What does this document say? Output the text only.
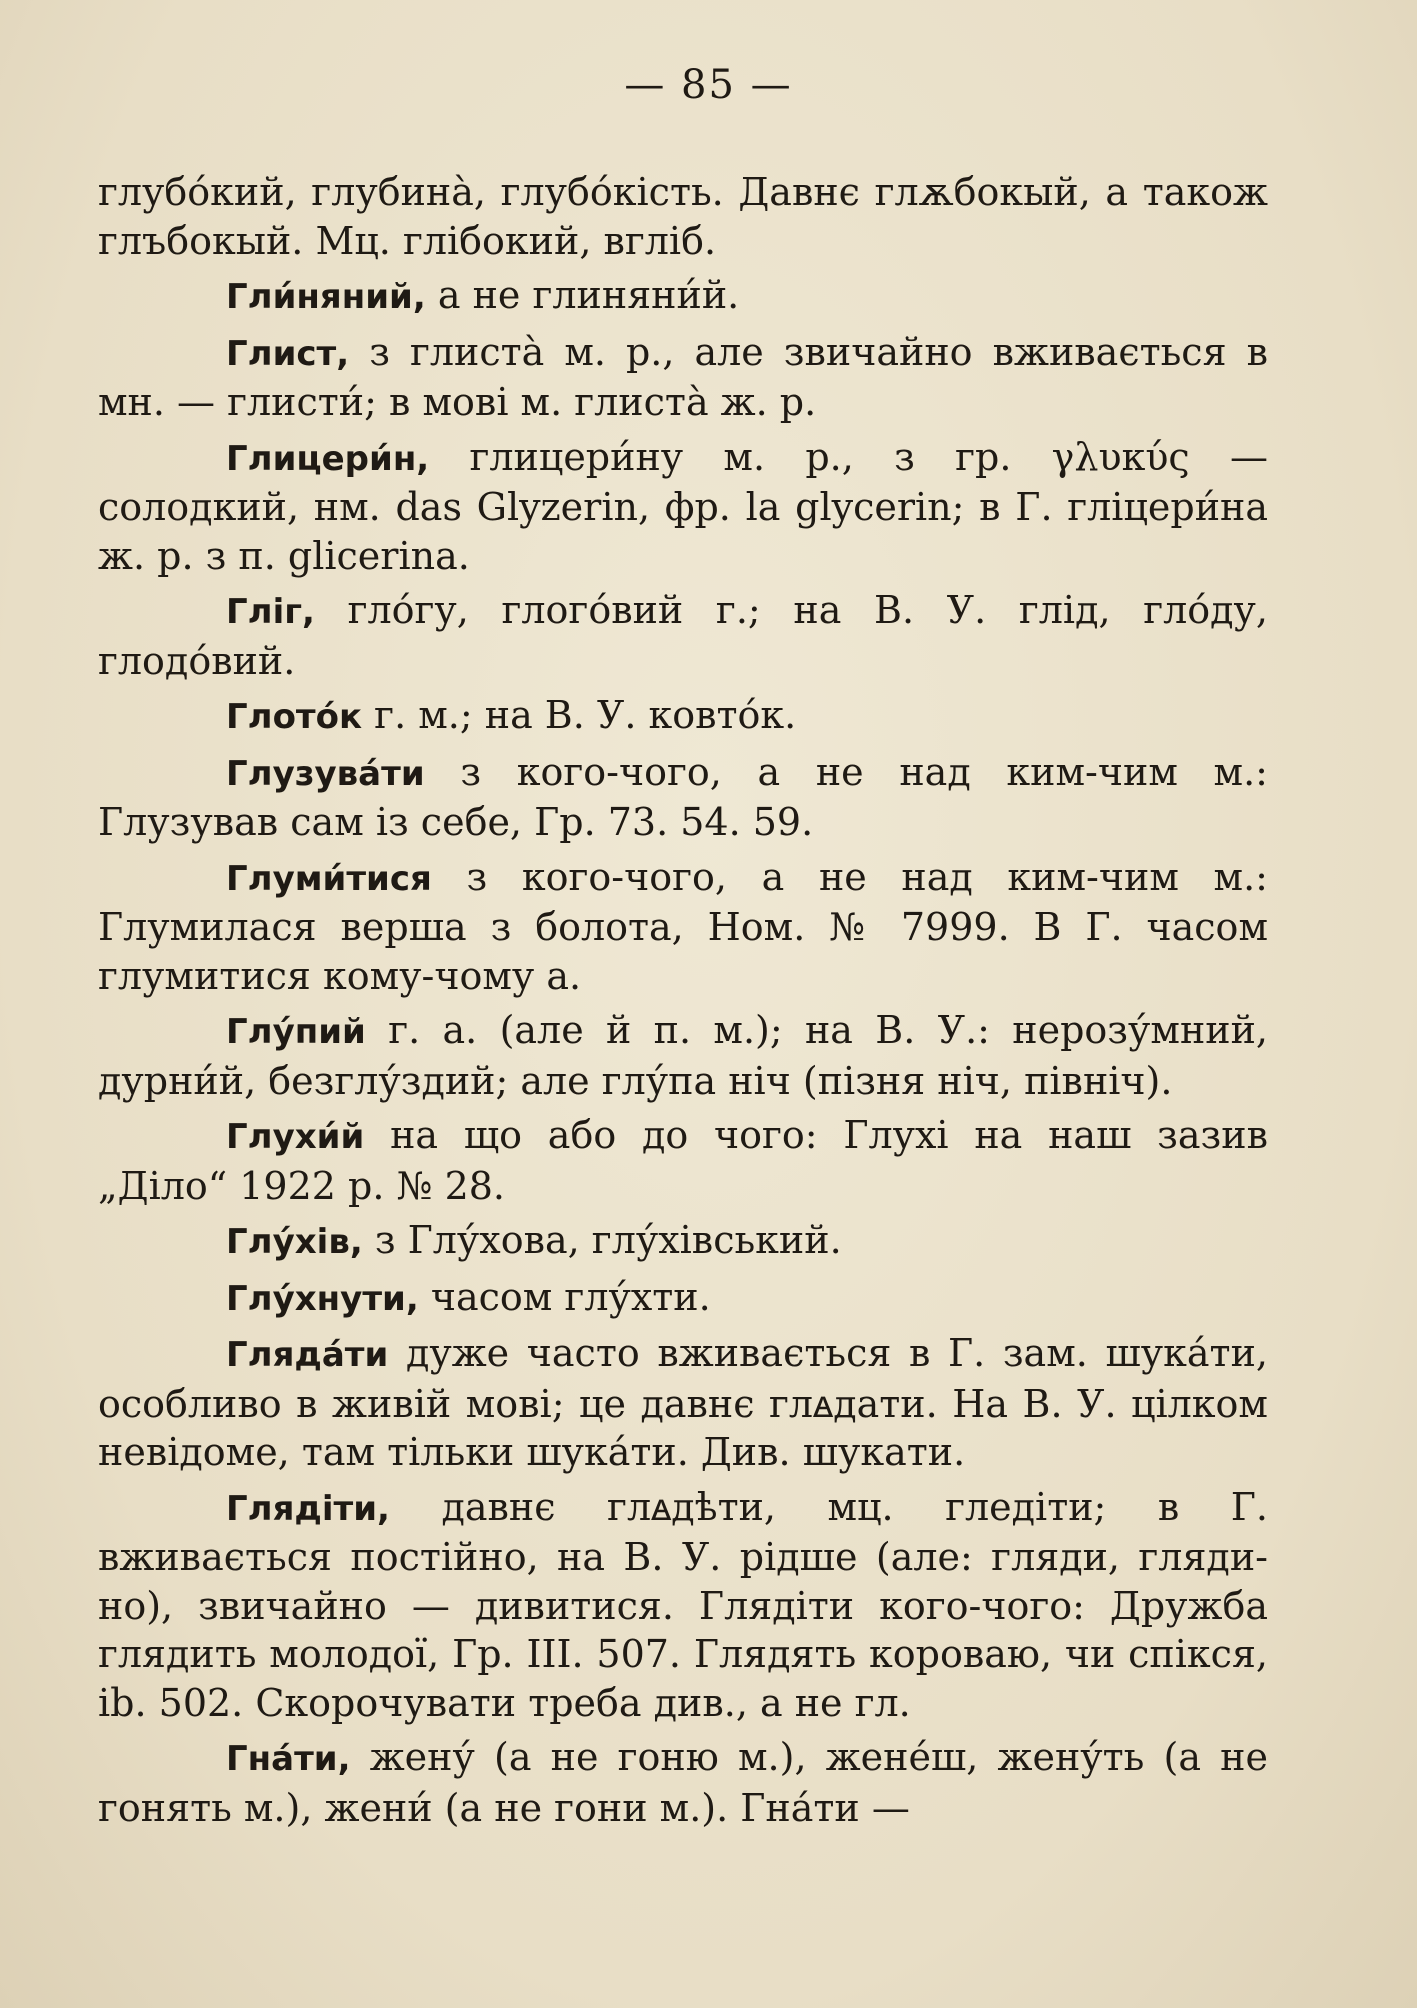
— 85 —

глубо́кий, глубина̀, глубо́кість. Давнє глѫбокый, а також глъбокый. Мц. глібокий, вгліб.

Гли́няний, а не глиняни́й.

Глист, з глиста̀ м. р., але звичайно вживається в мн. — глисти́; в мові м. глиста̀ ж. р.

Глицери́н, глицери́ну м. р., з гр. γλυκύς — солодкий, нм. das Glyzerin, фр. la glycerin; в Г. гліцери́на ж. р. з п. glicerina.

Гліг, гло́гу, глого́вий г.; на В. У. глід, гло́ду, глодо́вий.

Глото́к г. м.; на В. У. ковто́к.

Глузува́ти з кого-чого, а не над ким-чим м.: Глузував сам із себе, Гр. 73. 54. 59.

Глуми́тися з кого-чого, а не над ким-чим м.: Глумилася верша з болота, Ном. № 7999. В Г. часом глумитися кому-чому а.

Глу́пий г. а. (але й п. м.); на В. У.: нерозу́мний, дурни́й, безглу́здий; але глу́па ніч (пізня ніч, північ).

Глухи́й на що або до чого: Глухі на наш зазив „Діло“ 1922 р. № 28.

Глу́хів, з Глу́хова, глу́хівський.

Глу́хнути, часом глу́хти.

Гляда́ти дуже часто вживається в Г. зам. шука́ти, особливо в живій мові; це давнє глꙙдати. На В. У. цілком невідоме, там тільки шука́ти. Див. шукати.

Глядіти, давнє глꙙдѣти, мц. гледіти; в Г. вживається постійно, на В. У. рідше (але: гляди, гляди-но), звичайно — дивитися. Глядіти кого-чого: Дружба глядить молодої, Гр. III. 507. Глядять короваю, чи спікся, ib. 502. Скорочувати треба див., а не гл.

Гна́ти, жену́ (а не гоню м.), жене́ш, жену́ть (а не гонять м.), жени́ (а не гони м.). Гна́ти —
